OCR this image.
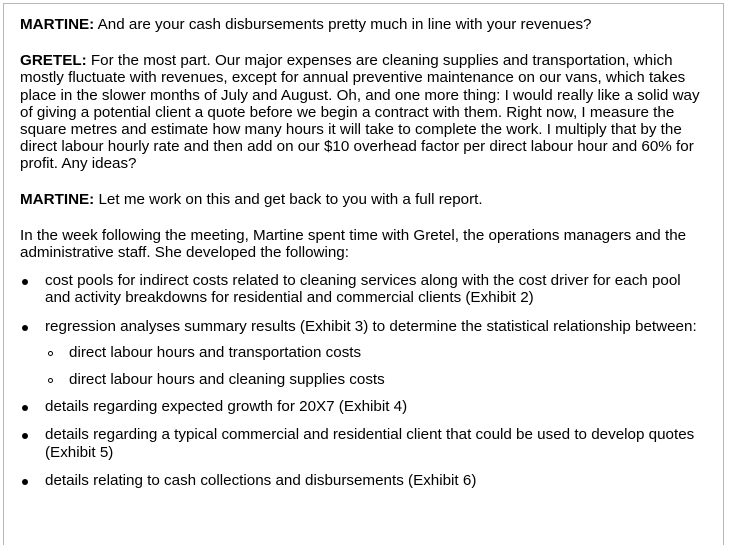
MARTINE: And are your cash disbursements pretty much in line with your revenues?

GRETEL: For the most part. Our major expenses are cleaning supplies and transportation, which mostly fluctuate with revenues, except for annual preventive maintenance on our vans, which takes place in the slower months of July and August. Oh, and one more thing: I would really like a solid way of giving a potential client a quote before we begin a contract with them. Right now, I measure the square metres and estimate how many hours it will take to complete the work. I multiply that by the direct labour hourly rate and then add on our $10 overhead factor per direct labour hour and 60% for profit. Any ideas?

MARTINE: Let me work on this and get back to you with a full report.

In the week following the meeting, Martine spent time with Gretel, the operations managers and the administrative staff. She developed the following:

cost pools for indirect costs related to cleaning services along with the cost driver for each pool and activity breakdowns for residential and commercial clients (Exhibit 2)
regression analyses summary results (Exhibit 3) to determine the statistical relationship between:
direct labour hours and transportation costs
direct labour hours and cleaning supplies costs
details regarding expected growth for 20X7 (Exhibit 4)
details regarding a typical commercial and residential client that could be used to develop quotes (Exhibit 5)
details relating to cash collections and disbursements (Exhibit 6)
